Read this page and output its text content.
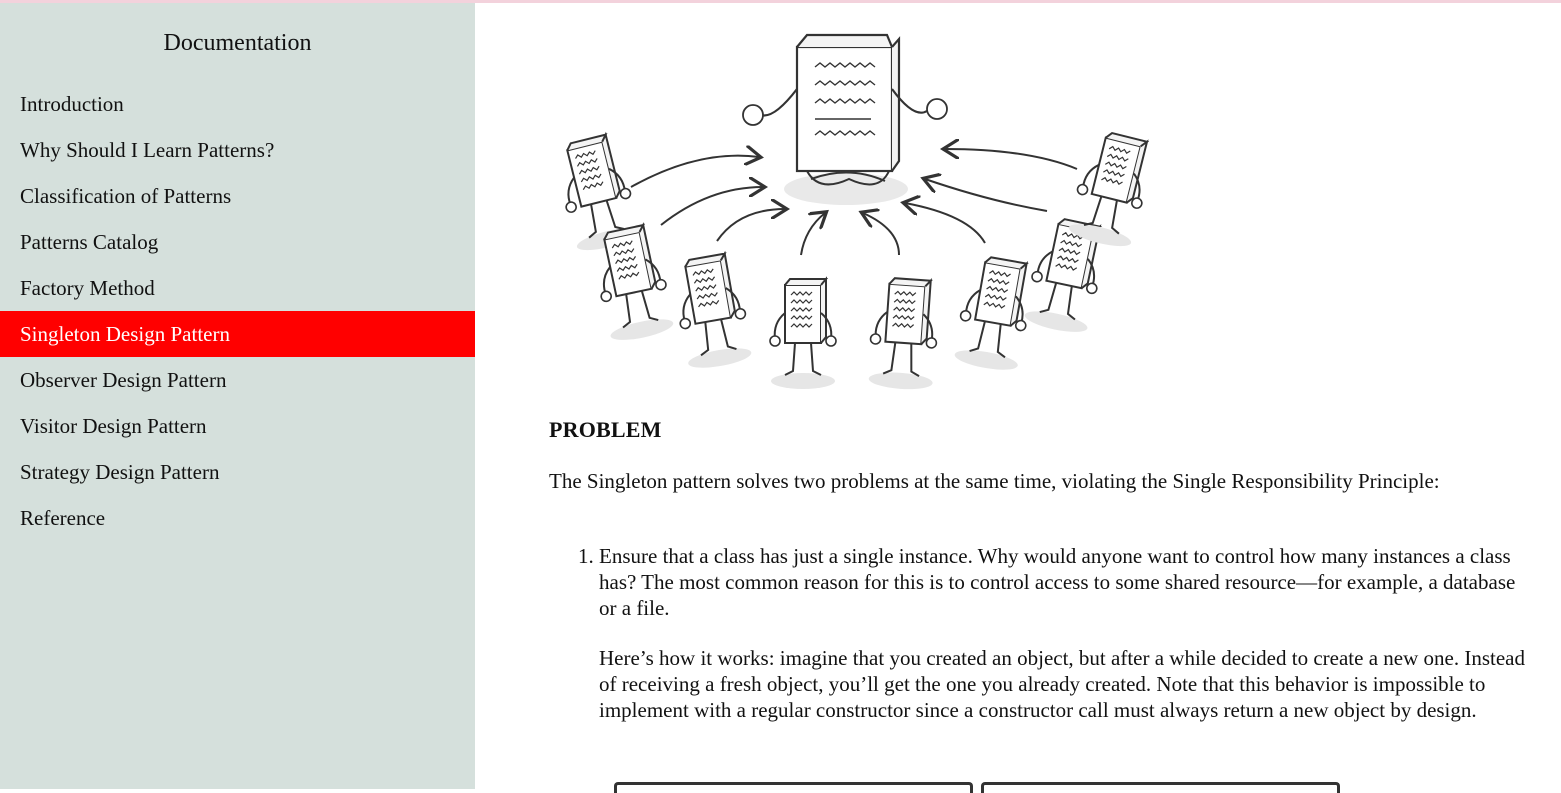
Documentation
Introduction
Why Should I Learn Patterns?
Classification of Patterns
Patterns Catalog
Factory Method
Singleton Design Pattern
Observer Design Pattern
Visitor Design Pattern
Strategy Design Pattern
Reference
PROBLEM

The Singleton pattern solves two problems at the same time, violating the Single Responsibility Principle:

1. Ensure that a class has just a single instance. Why would anyone want to control how many instances a class has? The most common reason for this is to control access to some shared resource—for example, a database or a file.

Here’s how it works: imagine that you created an object, but after a while decided to create a new one. Instead of receiving a fresh object, you’ll get the one you already created. Note that this behavior is impossible to implement with a regular constructor since a constructor call must always return a new object by design.
